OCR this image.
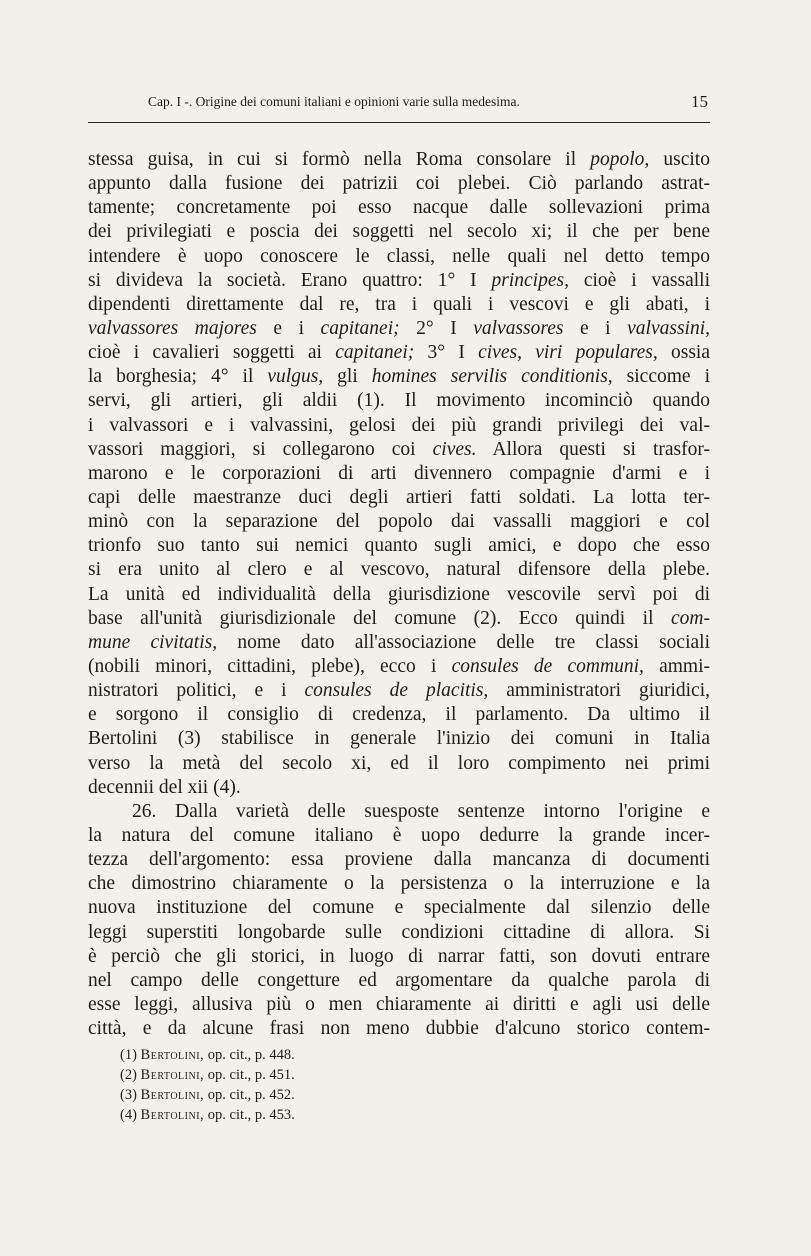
Cap. I -. Origine dei comuni italiani e opinioni varie sulla medesima.	15
stessa guisa, in cui si formò nella Roma consolare il popolo, uscito
appunto dalla fusione dei patrizii coi plebei. Ciò parlando astrat-
tamente; concretamente poi esso nacque dalle sollevazioni prima
dei privilegiati e poscia dei soggetti nel secolo xi; il che per bene
intendere è uopo conoscere le classi, nelle quali nel detto tempo
si divideva la società. Erano quattro: 1° I principes, cioè i vassalli
dipendenti direttamente dal re, tra i quali i vescovi e gli abati, i
valvassores majores e i capitanei; 2° I valvassores e i valvassini,
cioè i cavalieri soggetti ai capitanei; 3° I cives, viri populares, ossia
la borghesia; 4° il vulgus, gli homines servilis conditionis, siccome i
servi, gli artieri, gli aldii (1). Il movimento incominciò quando
i valvassori e i valvassini, gelosi dei più grandi privilegi dei val-
vassori maggiori, si collegarono coi cives. Allora questi si trasfor-
marono e le corporazioni di arti divennero compagnie d'armi e i
capi delle maestranze duci degli artieri fatti soldati. La lotta ter-
minò con la separazione del popolo dai vassalli maggiori e col
trionfo suo tanto sui nemici quanto sugli amici, e dopo che esso
si era unito al clero e al vescovo, natural difensore della plebe.
La unità ed individualità della giurisdizione vescovile servì poi di
base all'unità giurisdizionale del comune (2). Ecco quindi il com-
mune civitatis, nome dato all'associazione delle tre classi sociali
(nobili minori, cittadini, plebe), ecco i consules de communi, ammi-
nistratori politici, e i consules de placitis, amministratori giuridici,
e sorgono il consiglio di credenza, il parlamento. Da ultimo il
Bertolini (3) stabilisce in generale l'inizio dei comuni in Italia
verso la metà del secolo xi, ed il loro compimento nei primi
decennii del xii (4).
26. Dalla varietà delle suesposte sentenze intorno l'origine e
la natura del comune italiano è uopo dedurre la grande incer-
tezza dell'argomento: essa proviene dalla mancanza di documenti
che dimostrino chiaramente o la persistenza o la interruzione e la
nuova instituzione del comune e specialmente dal silenzio delle
leggi superstiti longobarde sulle condizioni cittadine di allora. Si
è perciò che gli storici, in luogo di narrar fatti, son dovuti entrare
nel campo delle congetture ed argomentare da qualche parola di
esse leggi, allusiva più o men chiaramente ai diritti e agli usi delle
città, e da alcune frasi non meno dubbie d'alcuno storico contem-
(1) Bertolini, op. cit., p. 448.
(2) Bertolini, op. cit., p. 451.
(3) Bertolini, op. cit., p. 452.
(4) Bertolini, op. cit., p. 453.
